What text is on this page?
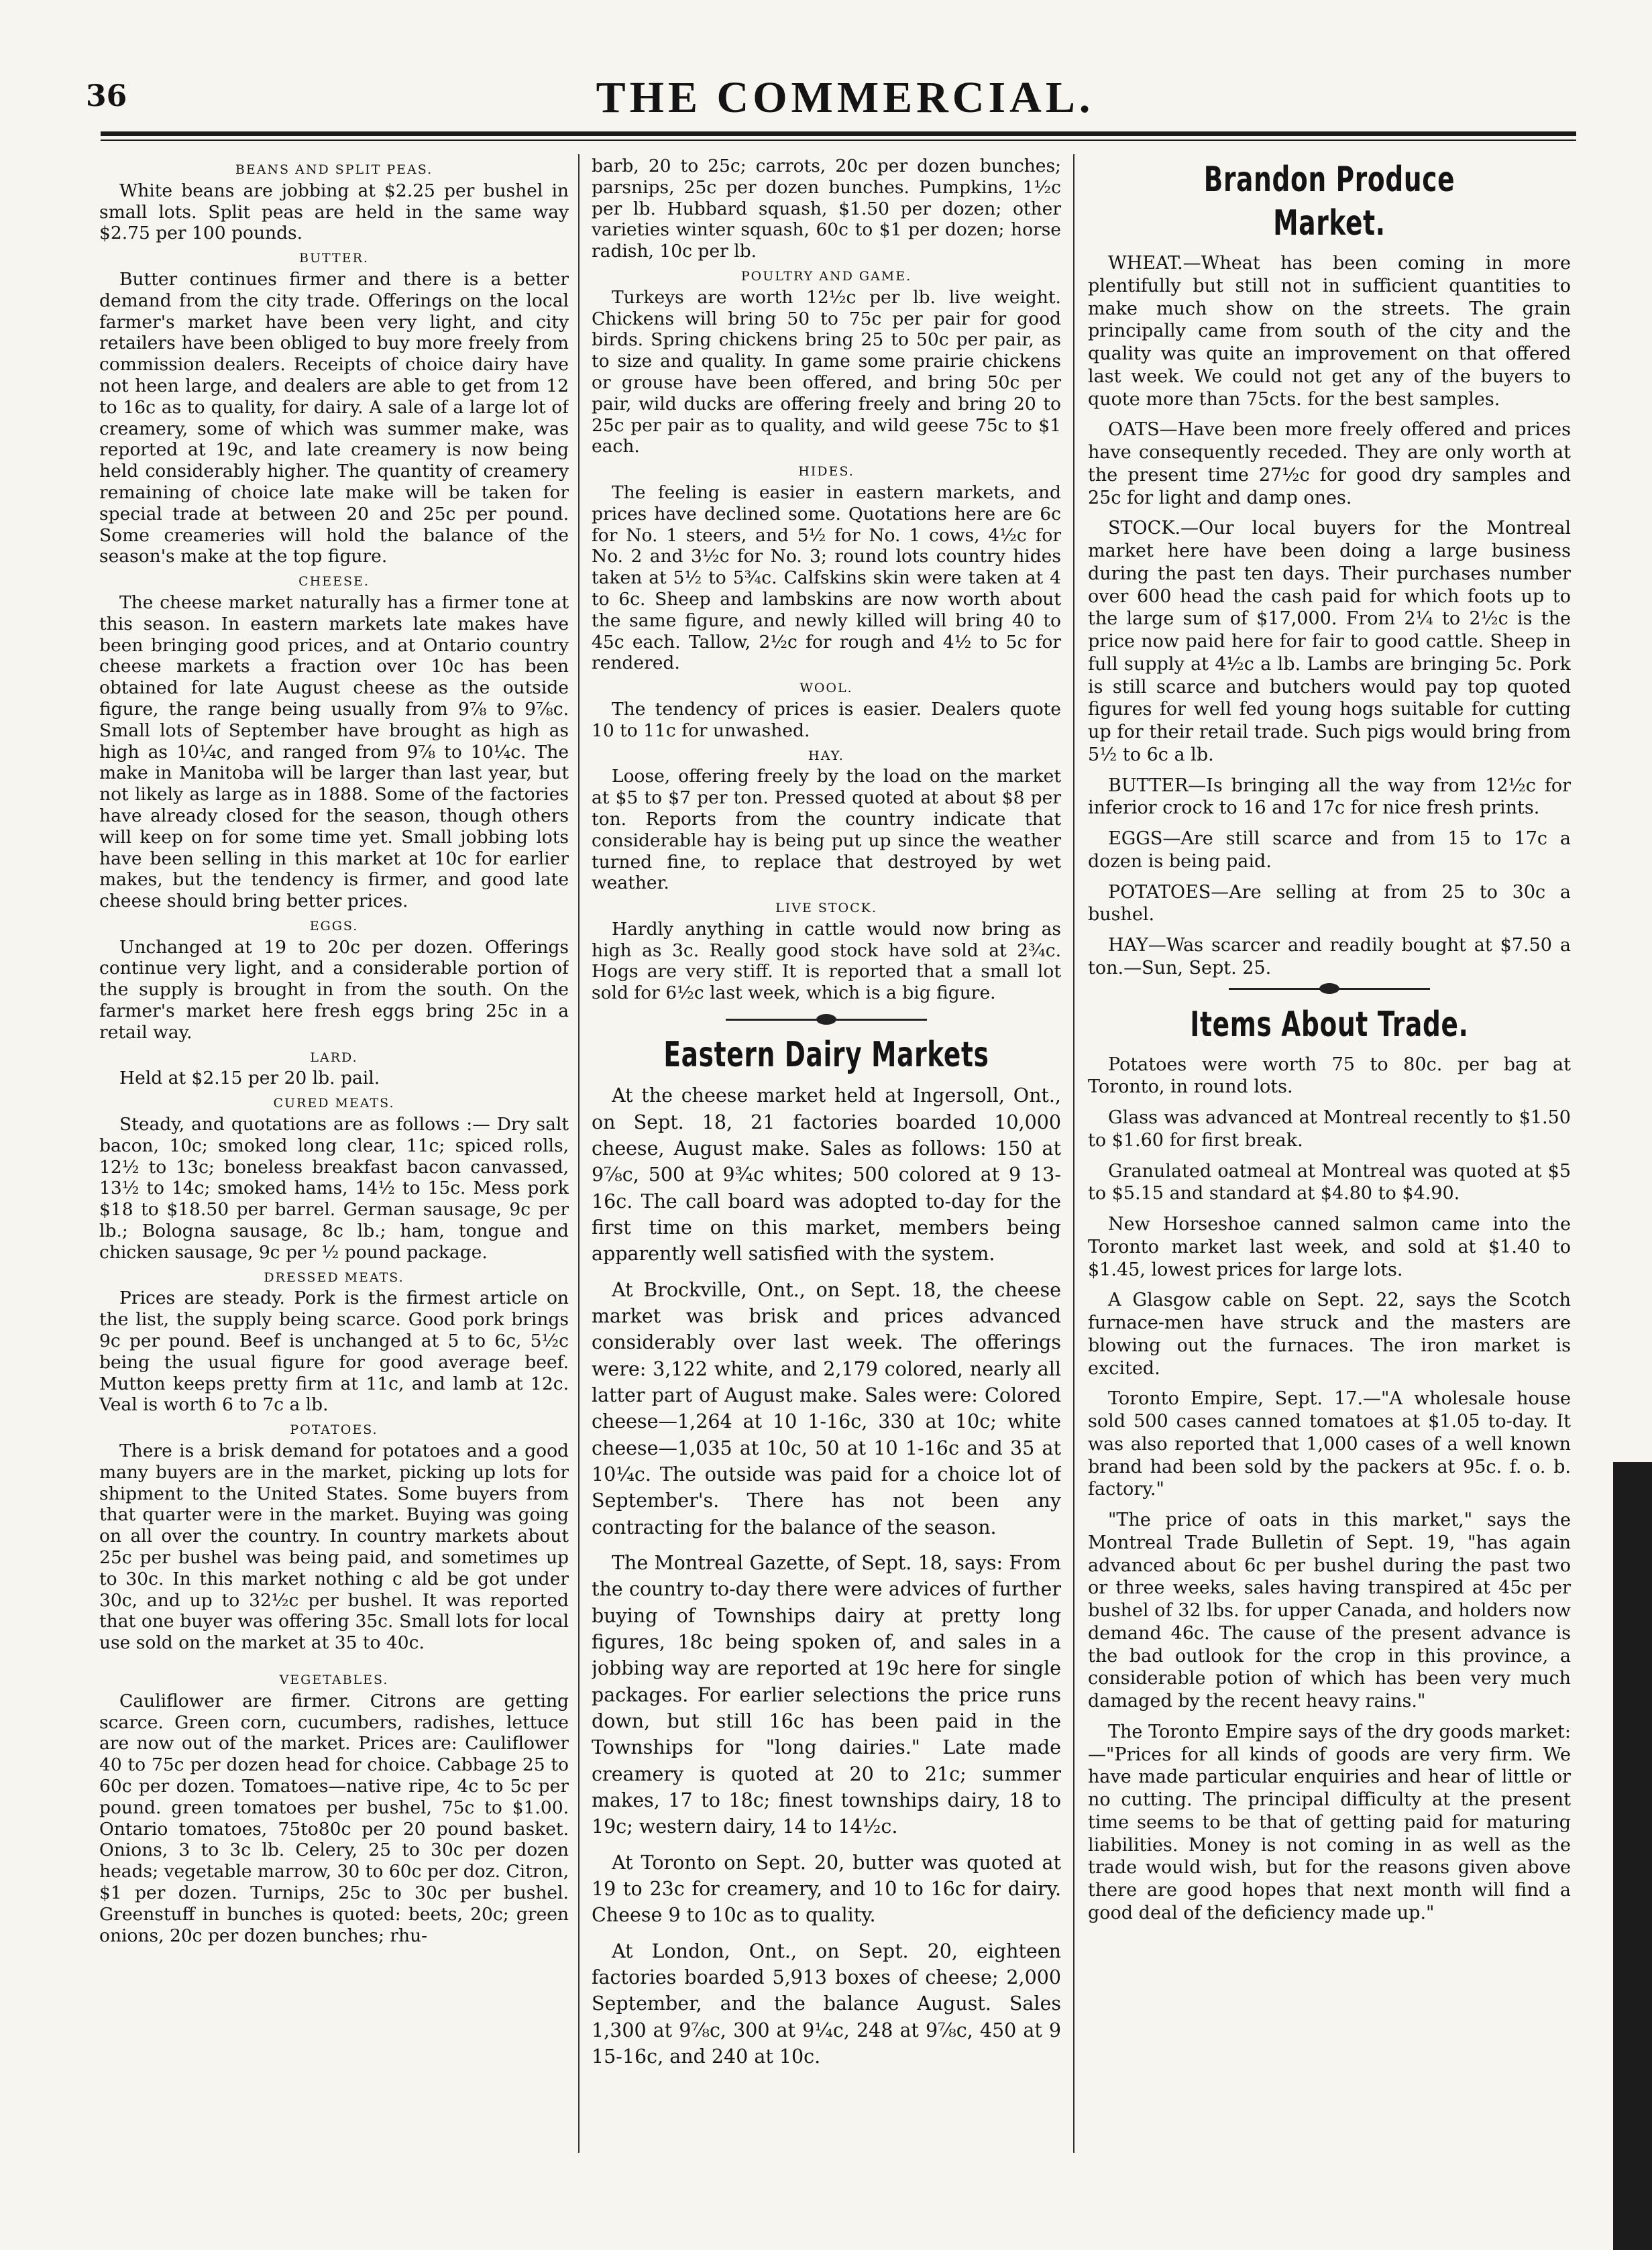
36	THE COMMERCIAL.
BEANS AND SPLIT PEAS.

White beans are jobbing at $2.25 per bushel in small lots. Split peas are held in the same way $2.75 per 100 pounds.

BUTTER.

Butter continues firmer and there is a better demand from the city trade. Offerings on the local farmer's market have been very light, and city retailers have been obliged to buy more freely from commission dealers. Receipts of choice dairy have not heen large, and dealers are able to get from 12 to 16c as to quality, for dairy. A sale of a large lot of creamery, some of which was summer make, was reported at 19c, and late creamery is now being held considerably higher. The quantity of creamery remaining of choice late make will be taken for special trade at between 20 and 25c per pound. Some creameries will hold the balance of the season's make at the top figure.

CHEESE.

The cheese market naturally has a firmer tone at this season. In eastern markets late makes have been bringing good prices, and at Ontario country cheese markets a fraction over 10c has been obtained for late August cheese as the outside figure, the range being usually from 9⅞ to 9⅞c. Small lots of September have brought as high as high as 10¼c, and ranged from 9⅞ to 10¼c. The make in Manitoba will be larger than last year, but not likely as large as in 1888. Some of the factories have already closed for the season, though others will keep on for some time yet. Small jobbing lots have been selling in this market at 10c for earlier makes, but the tendency is firmer, and good late cheese should bring better prices.

EGGS.

Unchanged at 19 to 20c per dozen. Offerings continue very light, and a considerable portion of the supply is brought in from the south. On the farmer's market here fresh eggs bring 25c in a retail way.

LARD.

Held at $2.15 per 20 lb. pail.

CURED MEATS.

Steady, and quotations are as follows :— Dry salt bacon, 10c; smoked long clear, 11c; spiced rolls, 12½ to 13c; boneless breakfast bacon canvassed, 13½ to 14c; smoked hams, 14½ to 15c. Mess pork $18 to $18.50 per barrel. German sausage, 9c per lb.; Bologna sausage, 8c lb.; ham, tongue and chicken sausage, 9c per ½ pound package.

DRESSED MEATS.

Prices are steady. Pork is the firmest article on the list, the supply being scarce. Good pork brings 9c per pound. Beef is unchanged at 5 to 6c, 5½c being the usual figure for good average beef. Mutton keeps pretty firm at 11c, and lamb at 12c. Veal is worth 6 to 7c a lb.

POTATOES.

There is a brisk demand for potatoes and a good many buyers are in the market, picking up lots for shipment to the United States. Some buyers from that quarter were in the market. Buying was going on all over the country. In country markets about 25c per bushel was being paid, and sometimes up to 30c. In this market nothing c ald be got under 30c, and up to 32½c per bushel. It was reported that one buyer was offering 35c. Small lots for local use sold on the market at 35 to 40c.

VEGETABLES.

Cauliflower are firmer. Citrons are getting scarce. Green corn, cucumbers, radishes, lettuce are now out of the market. Prices are: Cauliflower 40 to 75c per dozen head for choice. Cabbage 25 to 60c per dozen. Tomatoes—native ripe, 4c to 5c per pound. green tomatoes per bushel, 75c to $1.00. Ontario tomatoes, 75to80c per 20 pound basket. Onions, 3 to 3c lb. Celery, 25 to 30c per dozen heads; vegetable marrow, 30 to 60c per doz. Citron, $1 per dozen. Turnips, 25c to 30c per bushel. Greenstuff in bunches is quoted: beets, 20c; green onions, 20c per dozen bunches; rhu-

barb, 20 to 25c; carrots, 20c per dozen bunches; parsnips, 25c per dozen bunches. Pumpkins, 1½c per lb. Hubbard squash, $1.50 per dozen; other varieties winter squash, 60c to $1 per dozen; horse radish, 10c per lb.

POULTRY AND GAME.

Turkeys are worth 12½c per lb. live weight. Chickens will bring 50 to 75c per pair for good birds. Spring chickens bring 25 to 50c per pair, as to size and quality. In game some prairie chickens or grouse have been offered, and bring 50c per pair, wild ducks are offering freely and bring 20 to 25c per pair as to quality, and wild geese 75c to $1 each.

HIDES.

The feeling is easier in eastern markets, and prices have declined some. Quotations here are 6c for No. 1 steers, and 5½ for No. 1 cows, 4½c for No. 2 and 3½c for No. 3; round lots country hides taken at 5½ to 5¾c. Calfskins skin were taken at 4 to 6c. Sheep and lambskins are now worth about the same figure, and newly killed will bring 40 to 45c each. Tallow, 2½c for rough and 4½ to 5c for rendered.

WOOL.

The tendency of prices is easier. Dealers quote 10 to 11c for unwashed.

HAY.

Loose, offering freely by the load on the market at $5 to $7 per ton. Pressed quoted at about $8 per ton. Reports from the country indicate that considerable hay is being put up since the weather turned fine, to replace that destroyed by wet weather.

LIVE STOCK.

Hardly anything in cattle would now bring as high as 3c. Really good stock have sold at 2¾c. Hogs are very stiff. It is reported that a small lot sold for 6½c last week, which is a big figure.

Eastern Dairy Markets

At the cheese market held at Ingersoll, Ont., on Sept. 18, 21 factories boarded 10,000 cheese, August make. Sales as follows: 150 at 9⅞c, 500 at 9¾c whites; 500 colored at 9 13-16c. The call board was adopted to-day for the first time on this market, members being apparently well satisfied with the system.

At Brockville, Ont., on Sept. 18, the cheese market was brisk and prices advanced considerably over last week. The offerings were: 3,122 white, and 2,179 colored, nearly all latter part of August make. Sales were: Colored cheese—1,264 at 10 1-16c, 330 at 10c; white cheese—1,035 at 10c, 50 at 10 1-16c and 35 at 10¼c. The outside was paid for a choice lot of September's. There has not been any contracting for the balance of the season.

The Montreal Gazette, of Sept. 18, says: From the country to-day there were advices of further buying of Townships dairy at pretty long figures, 18c being spoken of, and sales in a jobbing way are reported at 19c here for single packages. For earlier selections the price runs down, but still 16c has been paid in the Townships for "long dairies." Late made creamery is quoted at 20 to 21c; summer makes, 17 to 18c; finest townships dairy, 18 to 19c; western dairy, 14 to 14½c.

At Toronto on Sept. 20, butter was quoted at 19 to 23c for creamery, and 10 to 16c for dairy. Cheese 9 to 10c as to quality.

At London, Ont., on Sept. 20, eighteen factories boarded 5,913 boxes of cheese; 2,000 September, and the balance August. Sales 1,300 at 9⅞c, 300 at 9¼c, 248 at 9⅞c, 450 at 9 15-16c, and 240 at 10c.

Brandon Produce Market.

WHEAT.—Wheat has been coming in more plentifully but still not in sufficient quantities to make much show on the streets. The grain principally came from south of the city and the quality was quite an improvement on that offered last week. We could not get any of the buyers to quote more than 75cts. for the best samples.

OATS—Have been more freely offered and prices have consequently receded. They are only worth at the present time 27½c for good dry samples and 25c for light and damp ones.

STOCK.—Our local buyers for the Montreal market here have been doing a large business during the past ten days. Their purchases number over 600 head the cash paid for which foots up to the large sum of $17,000. From 2¼ to 2½c is the price now paid here for fair to good cattle. Sheep in full supply at 4½c a lb. Lambs are bringing 5c. Pork is still scarce and butchers would pay top quoted figures for well fed young hogs suitable for cutting up for their retail trade. Such pigs would bring from 5½ to 6c a lb.

BUTTER—Is bringing all the way from 12½c for inferior crock to 16 and 17c for nice fresh prints.

EGGS—Are still scarce and from 15 to 17c a dozen is being paid.

POTATOES—Are selling at from 25 to 30c a bushel.

HAY—Was scarcer and readily bought at $7.50 a ton.—Sun, Sept. 25.

Items About Trade.

Potatoes were worth 75 to 80c. per bag at Toronto, in round lots.

Glass was advanced at Montreal recently to $1.50 to $1.60 for first break.

Granulated oatmeal at Montreal was quoted at $5 to $5.15 and standard at $4.80 to $4.90.

New Horseshoe canned salmon came into the Toronto market last week, and sold at $1.40 to $1.45, lowest prices for large lots.

A Glasgow cable on Sept. 22, says the Scotch furnace-men have struck and the masters are blowing out the furnaces. The iron market is excited.

Toronto Empire, Sept. 17.—"A wholesale house sold 500 cases canned tomatoes at $1.05 to-day. It was also reported that 1,000 cases of a well known brand had been sold by the packers at 95c. f. o. b. factory."

"The price of oats in this market," says the Montreal Trade Bulletin of Sept. 19, "has again advanced about 6c per bushel during the past two or three weeks, sales having transpired at 45c per bushel of 32 lbs. for upper Canada, and holders now demand 46c. The cause of the present advance is the bad outlook for the crop in this province, a considerable potion of which has been very much damaged by the recent heavy rains."

The Toronto Empire says of the dry goods market:—"Prices for all kinds of goods are very firm. We have made particular enquiries and hear of little or no cutting. The principal difficulty at the present time seems to be that of getting paid for maturing liabilities. Money is not coming in as well as the trade would wish, but for the reasons given above there are good hopes that next month will find a good deal of the deficiency made up."
